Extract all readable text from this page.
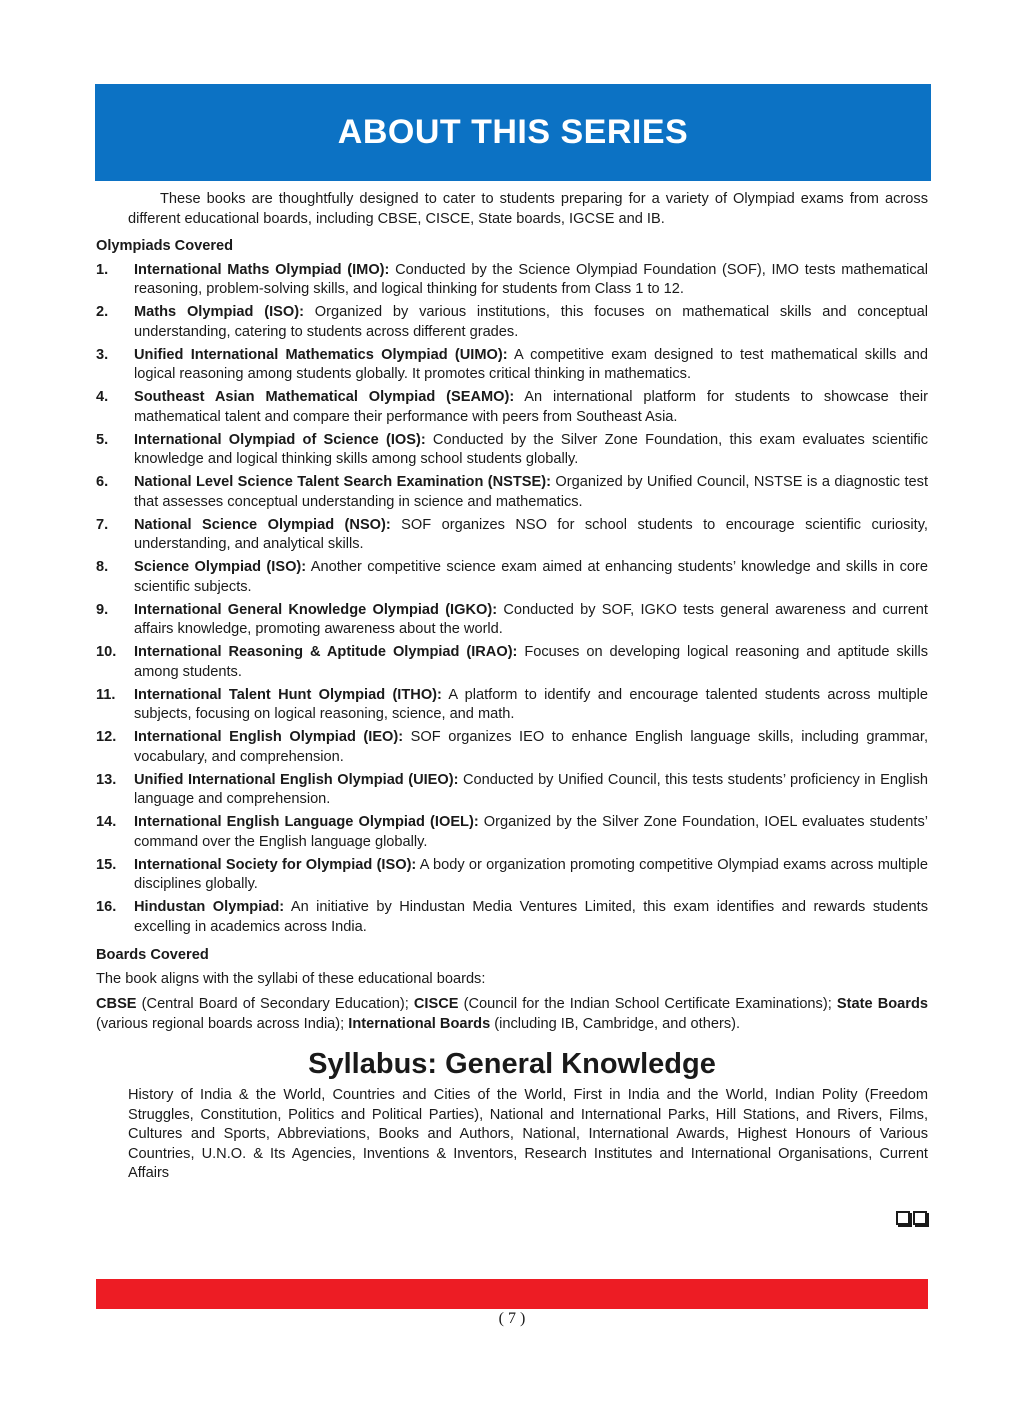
ABOUT THIS SERIES

These books are thoughtfully designed to cater to students preparing for a variety of Olympiad exams from across different educational boards, including CBSE, CISCE, State boards, IGCSE and IB.

Olympiads Covered
1. International Maths Olympiad (IMO): Conducted by the Science Olympiad Foundation (SOF), IMO tests mathematical reasoning, problem-solving skills, and logical thinking for students from Class 1 to 12.
2. Maths Olympiad (ISO): Organized by various institutions, this focuses on mathematical skills and conceptual understanding, catering to students across different grades.
3. Unified International Mathematics Olympiad (UIMO): A competitive exam designed to test mathematical skills and logical reasoning among students globally. It promotes critical thinking in mathematics.
4. Southeast Asian Mathematical Olympiad (SEAMO): An international platform for students to showcase their mathematical talent and compare their performance with peers from Southeast Asia.
5. International Olympiad of Science (IOS): Conducted by the Silver Zone Foundation, this exam evaluates scientific knowledge and logical thinking skills among school students globally.
6. National Level Science Talent Search Examination (NSTSE): Organized by Unified Council, NSTSE is a diagnostic test that assesses conceptual understanding in science and mathematics.
7. National Science Olympiad (NSO): SOF organizes NSO for school students to encourage scientific curiosity, understanding, and analytical skills.
8. Science Olympiad (ISO): Another competitive science exam aimed at enhancing students’ knowledge and skills in core scientific subjects.
9. International General Knowledge Olympiad (IGKO): Conducted by SOF, IGKO tests general awareness and current affairs knowledge, promoting awareness about the world.
10. International Reasoning & Aptitude Olympiad (IRAO): Focuses on developing logical reasoning and aptitude skills among students.
11. International Talent Hunt Olympiad (ITHO): A platform to identify and encourage talented students across multiple subjects, focusing on logical reasoning, science, and math.
12. International English Olympiad (IEO): SOF organizes IEO to enhance English language skills, including grammar, vocabulary, and comprehension.
13. Unified International English Olympiad (UIEO): Conducted by Unified Council, this tests students’ proficiency in English language and comprehension.
14. International English Language Olympiad (IOEL): Organized by the Silver Zone Foundation, IOEL evaluates students’ command over the English language globally.
15. International Society for Olympiad (ISO): A body or organization promoting competitive Olympiad exams across multiple disciplines globally.
16. Hindustan Olympiad: An initiative by Hindustan Media Ventures Limited, this exam identifies and rewards students excelling in academics across India.
Boards Covered

The book aligns with the syllabi of these educational boards:

CBSE (Central Board of Secondary Education); CISCE (Council for the Indian School Certificate Examinations); State Boards (various regional boards across India); International Boards (including IB, Cambridge, and others).

Syllabus: General Knowledge

History of India & the World, Countries and Cities of the World, First in India and the World, Indian Polity (Freedom Struggles, Constitution, Politics and Political Parties), National and International Parks, Hill Stations, and Rivers, Films, Cultures and Sports, Abbreviations, Books and Authors, National, International Awards, Highest Honours of Various Countries, U.N.O. & Its Agencies, Inventions & Inventors, Research Institutes and International Organisations, Current Affairs

( 7 )
